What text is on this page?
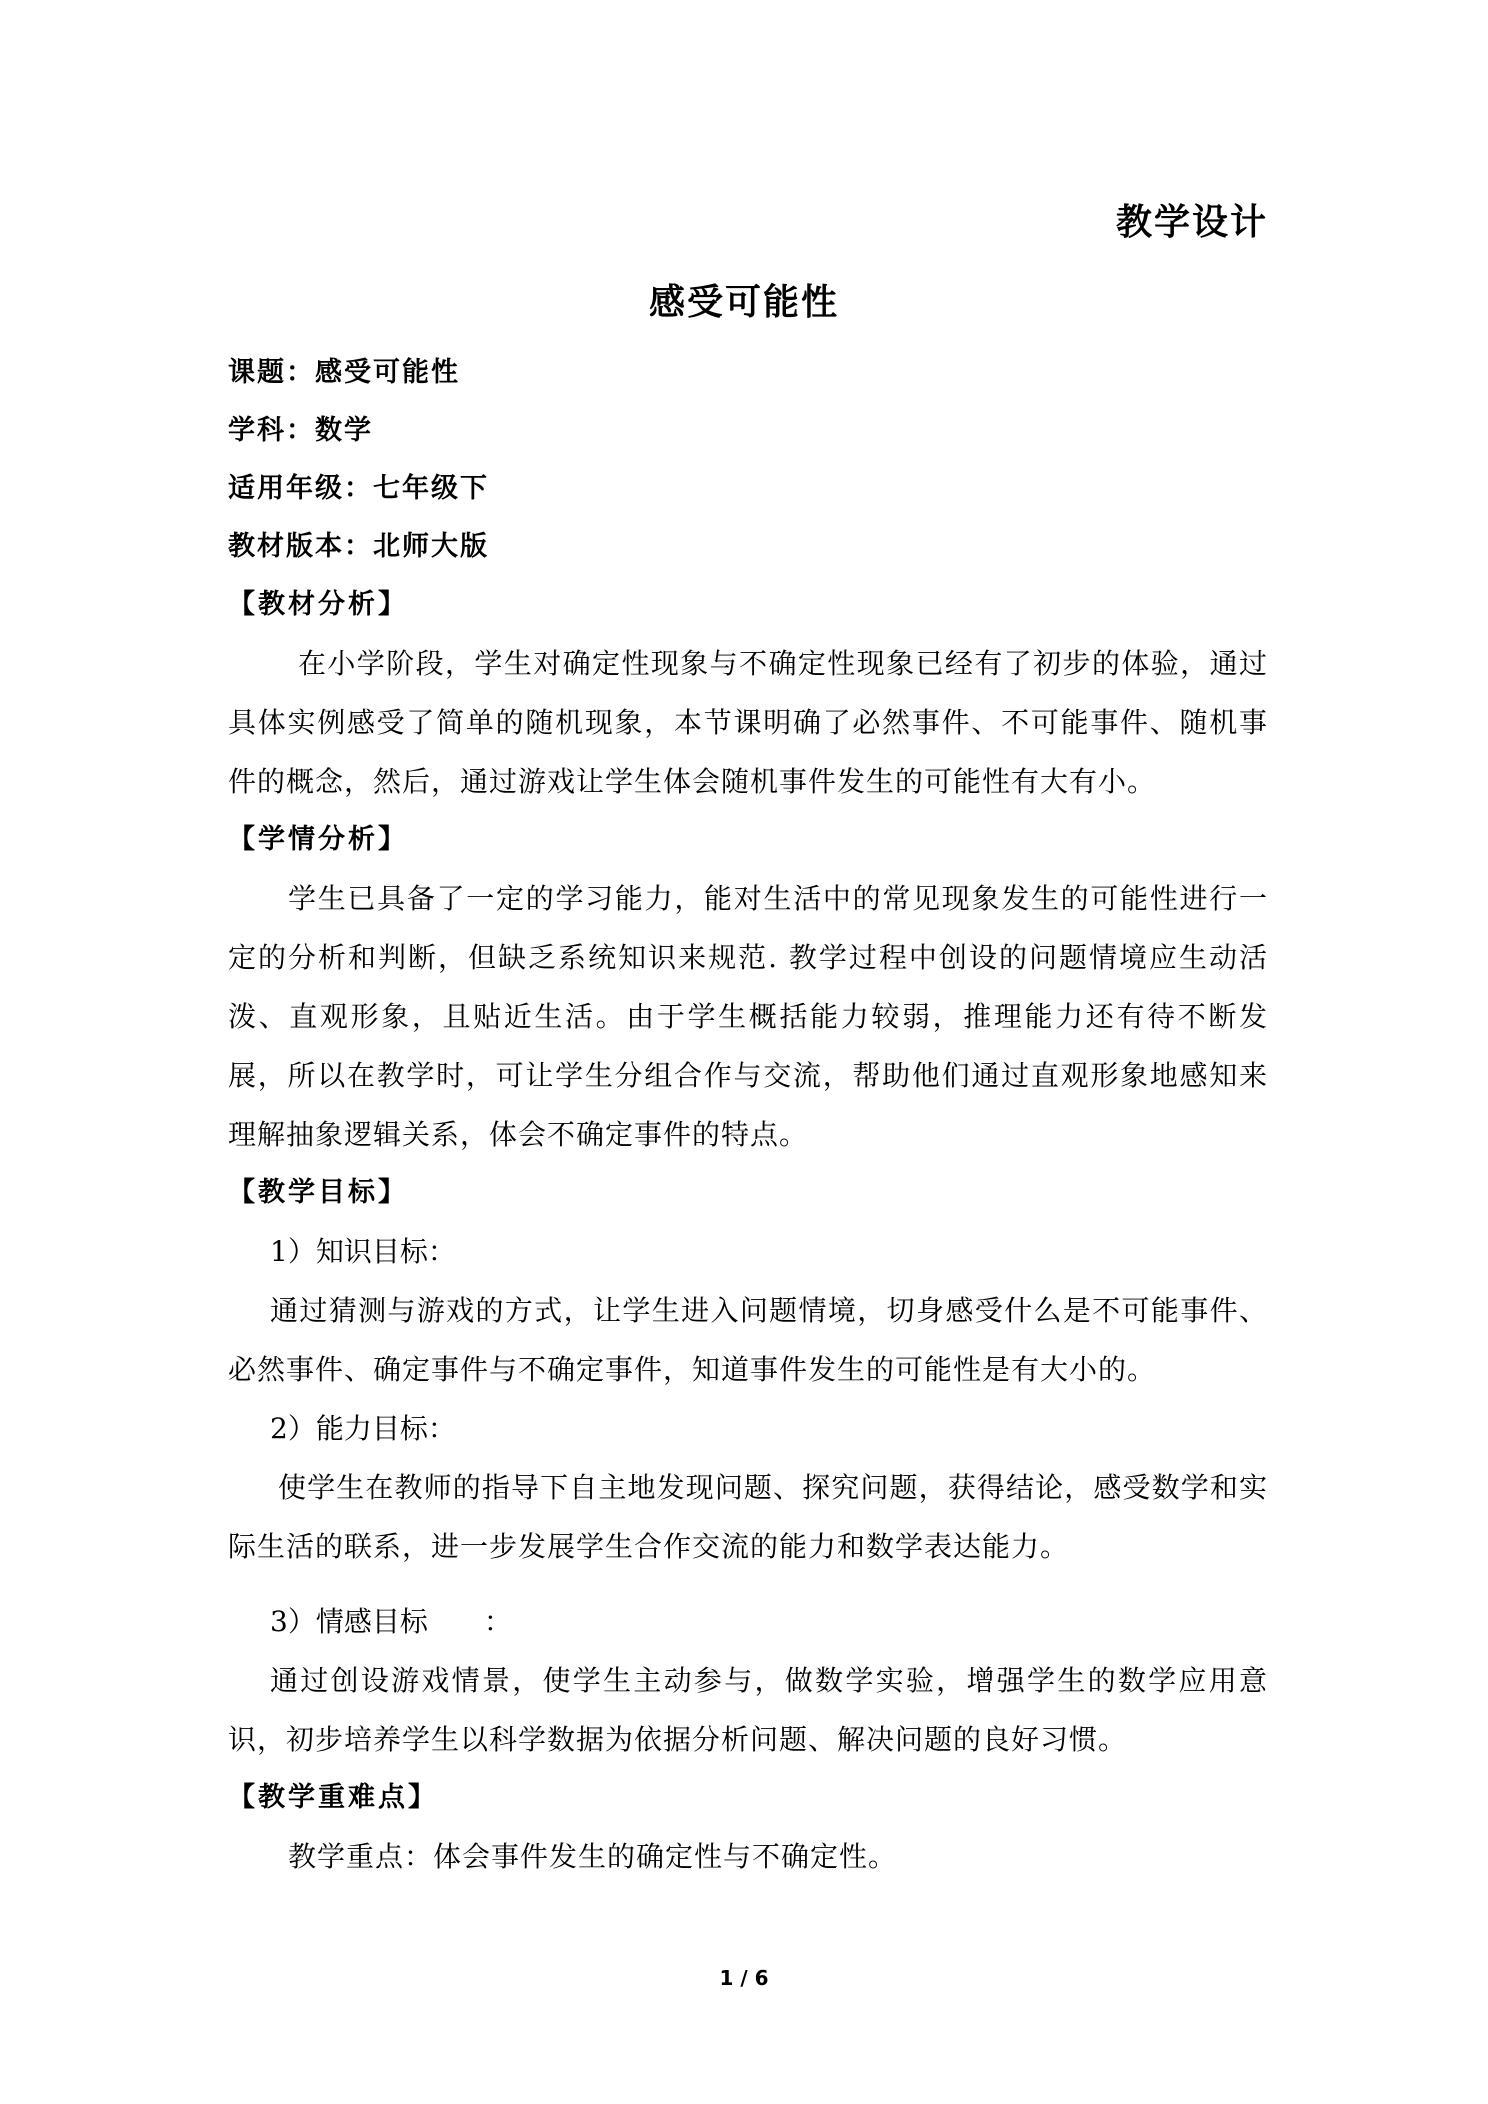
教学设计
感受可能性
课题：感受可能性
学科：数学
适用年级：七年级下
教材版本：北师大版
【教材分析】
在小学阶段，学生对确定性现象与不确定性现象已经有了初步的体验，通过具体实例感受了简单的随机现象，本节课明确了必然事件、不可能事件、随机事件的概念，然后，通过游戏让学生体会随机事件发生的可能性有大有小。
【学情分析】
学生已具备了一定的学习能力，能对生活中的常见现象发生的可能性进行一定的分析和判断，但缺乏系统知识来规范. 教学过程中创设的问题情境应生动活泼、直观形象，且贴近生活。由于学生概括能力较弱，推理能力还有待不断发展，所以在教学时，可让学生分组合作与交流，帮助他们通过直观形象地感知来理解抽象逻辑关系，体会不确定事件的特点。
【教学目标】
1）知识目标：
通过猜测与游戏的方式，让学生进入问题情境，切身感受什么是不可能事件、必然事件、确定事件与不确定事件，知道事件发生的可能性是有大小的。
2）能力目标：
使学生在教师的指导下自主地发现问题、探究问题，获得结论，感受数学和实际生活的联系，进一步发展学生合作交流的能力和数学表达能力。
3）情感目标　　：
通过创设游戏情景，使学生主动参与，做数学实验，增强学生的数学应用意识，初步培养学生以科学数据为依据分析问题、解决问题的良好习惯。
【教学重难点】
教学重点：体会事件发生的确定性与不确定性。
1 / 6
